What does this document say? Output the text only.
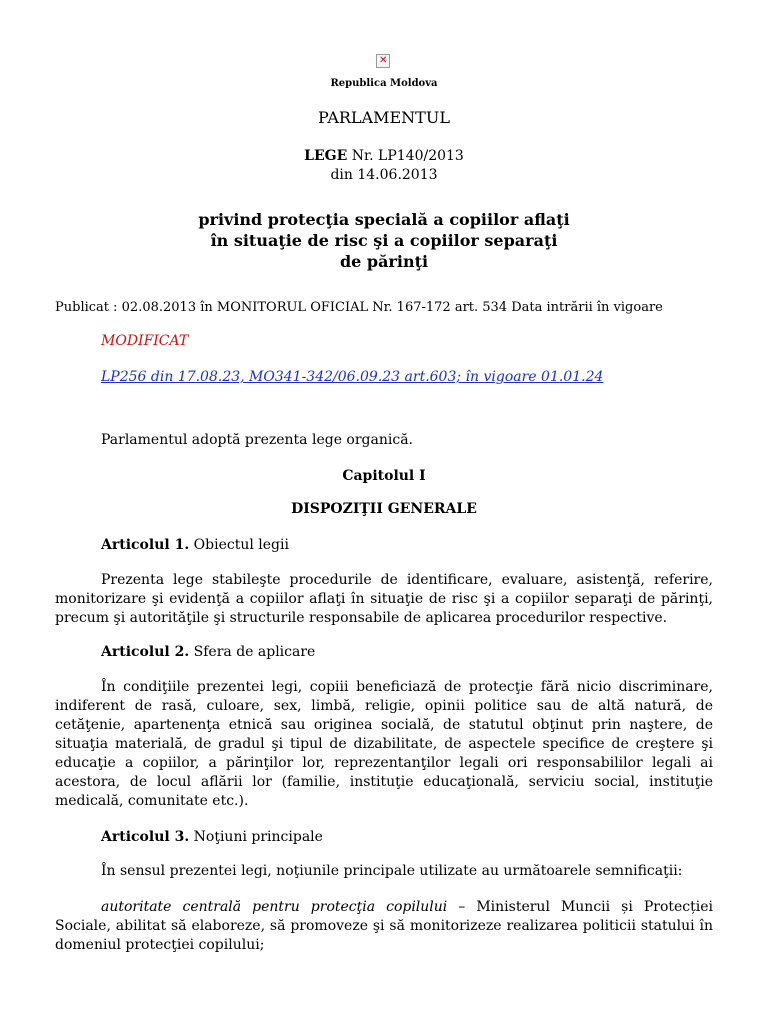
✕
Republica Moldova
PARLAMENTUL
LEGE Nr. LP140/2013
din 14.06.2013
privind protecţia specială a copiilor aflaţi
în situaţie de risc şi a copiilor separaţi
de părinţi
Publicat : 02.08.2013 în MONITORUL OFICIAL Nr. 167-172 art. 534 Data intrării în vigoare
MODIFICAT
LP256 din 17.08.23, MO341-342/06.09.23 art.603; în vigoare 01.01.24
Parlamentul adoptă prezenta lege organică.
Capitolul I
DISPOZIŢII GENERALE
Articolul 1. Obiectul legii
Prezenta lege stabileşte procedurile de identificare, evaluare, asistenţă, referire, monitorizare şi evidenţă a copiilor aflaţi în situaţie de risc şi a copiilor separaţi de părinţi, precum şi autorităţile şi structurile responsabile de aplicarea procedurilor respective.
Articolul 2. Sfera de aplicare
În condiţiile prezentei legi, copiii beneficiază de protecţie fără nicio discriminare, indiferent de rasă, culoare, sex, limbă, religie, opinii politice sau de altă natură, de cetăţenie, apartenenţa etnică sau originea socială, de statutul obţinut prin naştere, de situaţia materială, de gradul şi tipul de dizabilitate, de aspectele specifice de creştere şi educaţie a copiilor, a părinţilor lor, reprezentanţilor legali ori responsabililor legali ai acestora, de locul aflării lor (familie, instituţie educaţională, serviciu social, instituţie medicală, comunitate etc.).
Articolul 3. Noţiuni principale
În sensul prezentei legi, noţiunile principale utilizate au următoarele semnificaţii:
autoritate centrală pentru protecţia copilului – Ministerul Muncii și Protecției Sociale, abilitat să elaboreze, să promoveze şi să monitorizeze realizarea politicii statului în domeniul protecţiei copilului;
